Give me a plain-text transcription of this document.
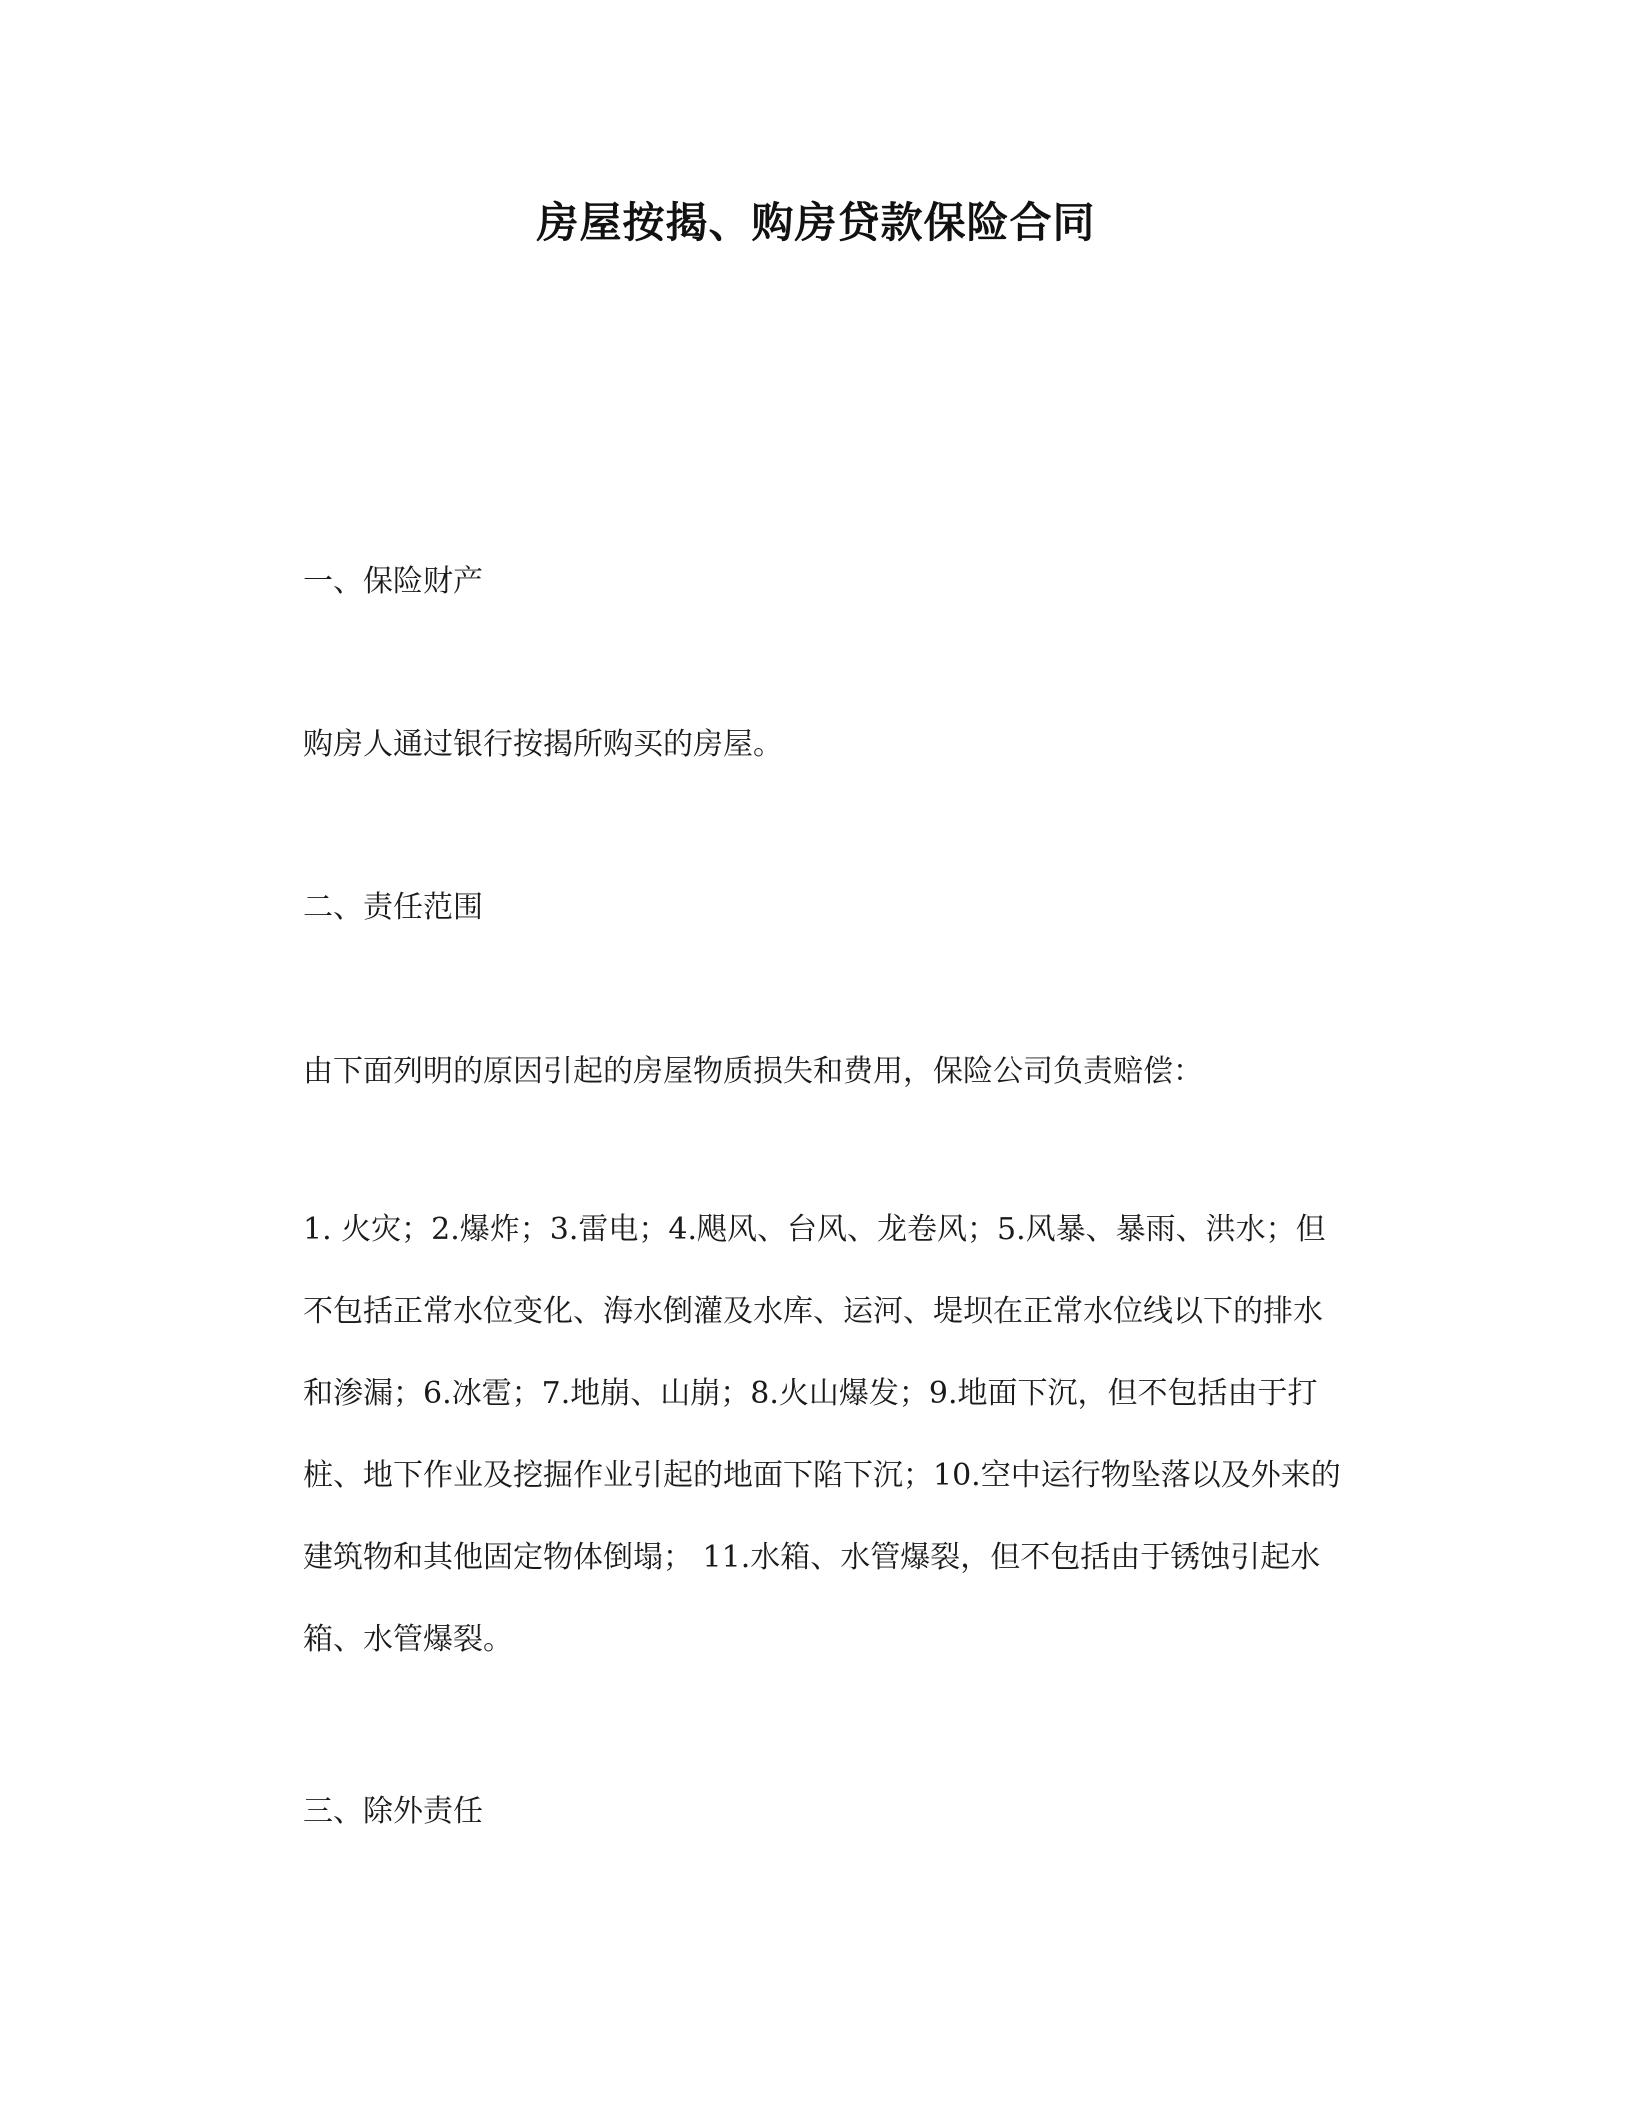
房屋按揭、购房贷款保险合同
一、保险财产
购房人通过银行按揭所购买的房屋。
二、责任范围
由下面列明的原因引起的房屋物质损失和费用，保险公司负责赔偿：
1. 火灾；2.爆炸；3.雷电；4.飓风、台风、龙卷风；5.风暴、暴雨、洪水；但
不包括正常水位变化、海水倒灌及水库、运河、堤坝在正常水位线以下的排水
和渗漏；6.冰雹；7.地崩、山崩；8.火山爆发；9.地面下沉，但不包括由于打
桩、地下作业及挖掘作业引起的地面下陷下沉；10.空中运行物坠落以及外来的
建筑物和其他固定物体倒塌； 11.水箱、水管爆裂，但不包括由于锈蚀引起水
箱、水管爆裂。
三、除外责任
